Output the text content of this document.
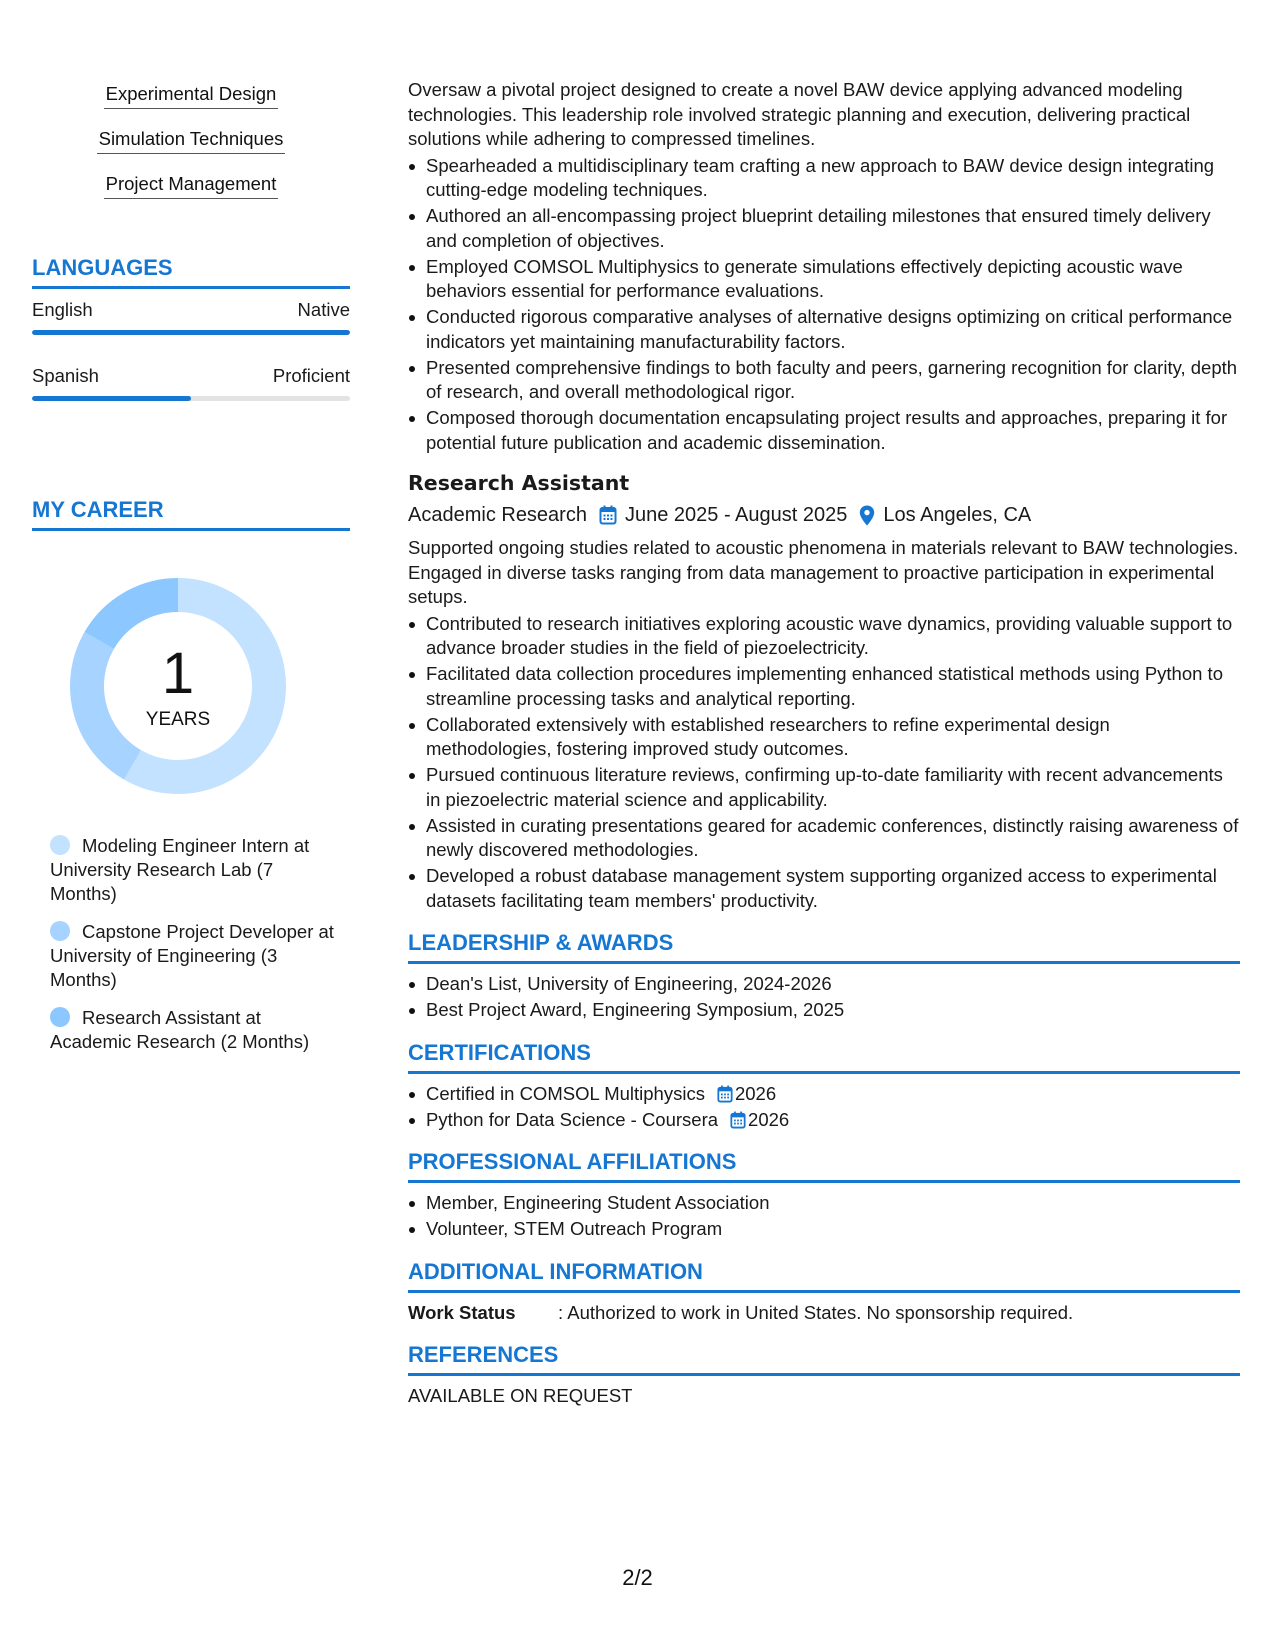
Experimental Design
Simulation Techniques
Project Management
LANGUAGES
English	Native
Spanish	Proficient
MY CAREER
1
YEARS
Modeling Engineer Intern at University Research Lab (7 Months)
Capstone Project Developer at University of Engineering (3 Months)
Research Assistant at Academic Research (2 Months)

Oversaw a pivotal project designed to create a novel BAW device applying advanced modeling technologies. This leadership role involved strategic planning and execution, delivering practical solutions while adhering to compressed timelines.

Spearheaded a multidisciplinary team crafting a new approach to BAW device design integrating cutting-edge modeling techniques.
Authored an all-encompassing project blueprint detailing milestones that ensured timely delivery and completion of objectives.
Employed COMSOL Multiphysics to generate simulations effectively depicting acoustic wave behaviors essential for performance evaluations.
Conducted rigorous comparative analyses of alternative designs optimizing on critical performance indicators yet maintaining manufacturability factors.
Presented comprehensive findings to both faculty and peers, garnering recognition for clarity, depth of research, and overall methodological rigor.
Composed thorough documentation encapsulating project results and approaches, preparing it for potential future publication and academic dissemination.
Research Assistant
Academic Research June 2025 - August 2025 Los Angeles, CA

Supported ongoing studies related to acoustic phenomena in materials relevant to BAW technologies. Engaged in diverse tasks ranging from data management to proactive participation in experimental setups.

Contributed to research initiatives exploring acoustic wave dynamics, providing valuable support to advance broader studies in the field of piezoelectricity.
Facilitated data collection procedures implementing enhanced statistical methods using Python to streamline processing tasks and analytical reporting.
Collaborated extensively with established researchers to refine experimental design methodologies, fostering improved study outcomes.
Pursued continuous literature reviews, confirming up-to-date familiarity with recent advancements in piezoelectric material science and applicability.
Assisted in curating presentations geared for academic conferences, distinctly raising awareness of newly discovered methodologies.
Developed a robust database management system supporting organized access to experimental datasets facilitating team members' productivity.
LEADERSHIP & AWARDS
Dean's List, University of Engineering, 2024-2026
Best Project Award, Engineering Symposium, 2025
CERTIFICATIONS
Certified in COMSOL Multiphysics 2026
Python for Data Science - Coursera 2026
PROFESSIONAL AFFILIATIONS
Member, Engineering Student Association
Volunteer, STEM Outreach Program
ADDITIONAL INFORMATION
Work Status	: Authorized to work in United States. No sponsorship required.
REFERENCES

AVAILABLE ON REQUEST

2/2
